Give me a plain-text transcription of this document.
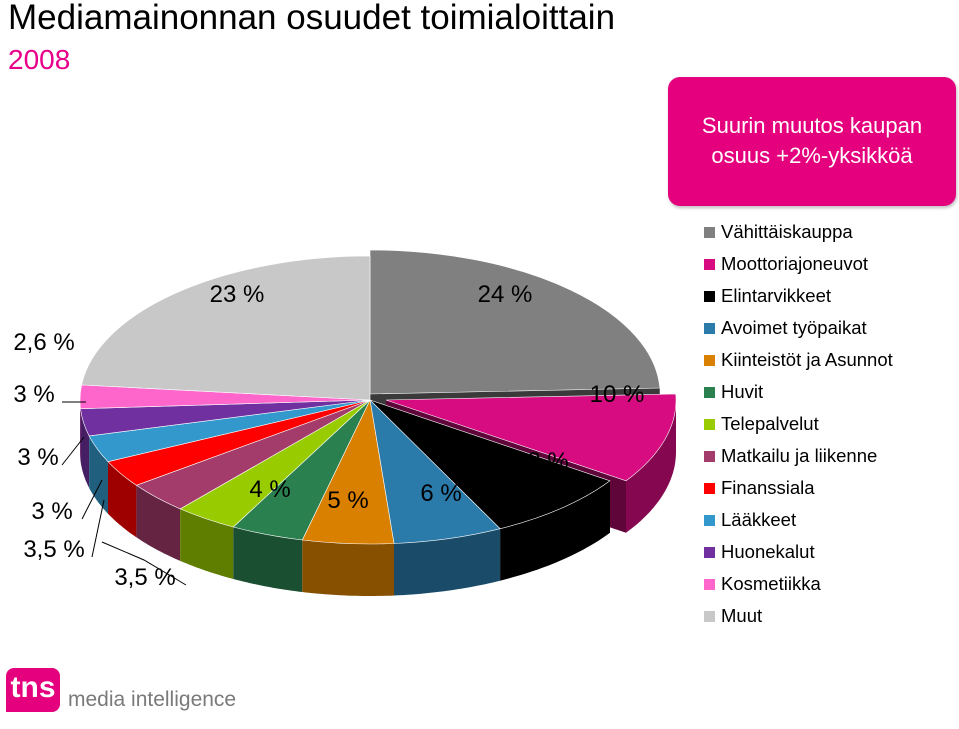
Mediamainonnan osuudet toimialoittain
2008
Suurin muutos kaupan
osuus +2%-yksikköä
24 %
10 %
8 %
6 %
5 %
4 %
3,5 %
3,5 %
3 %
3 %
3 %
2,6 %
23 %
Vähittäiskauppa
Moottoriajoneuvot
Elintarvikkeet
Avoimet työpaikat
Kiinteistöt ja Asunnot
Huvit
Telepalvelut
Matkailu ja liikenne
Finanssiala
Lääkkeet
Huonekalut
Kosmetiikka
Muut
tns media intelligence
